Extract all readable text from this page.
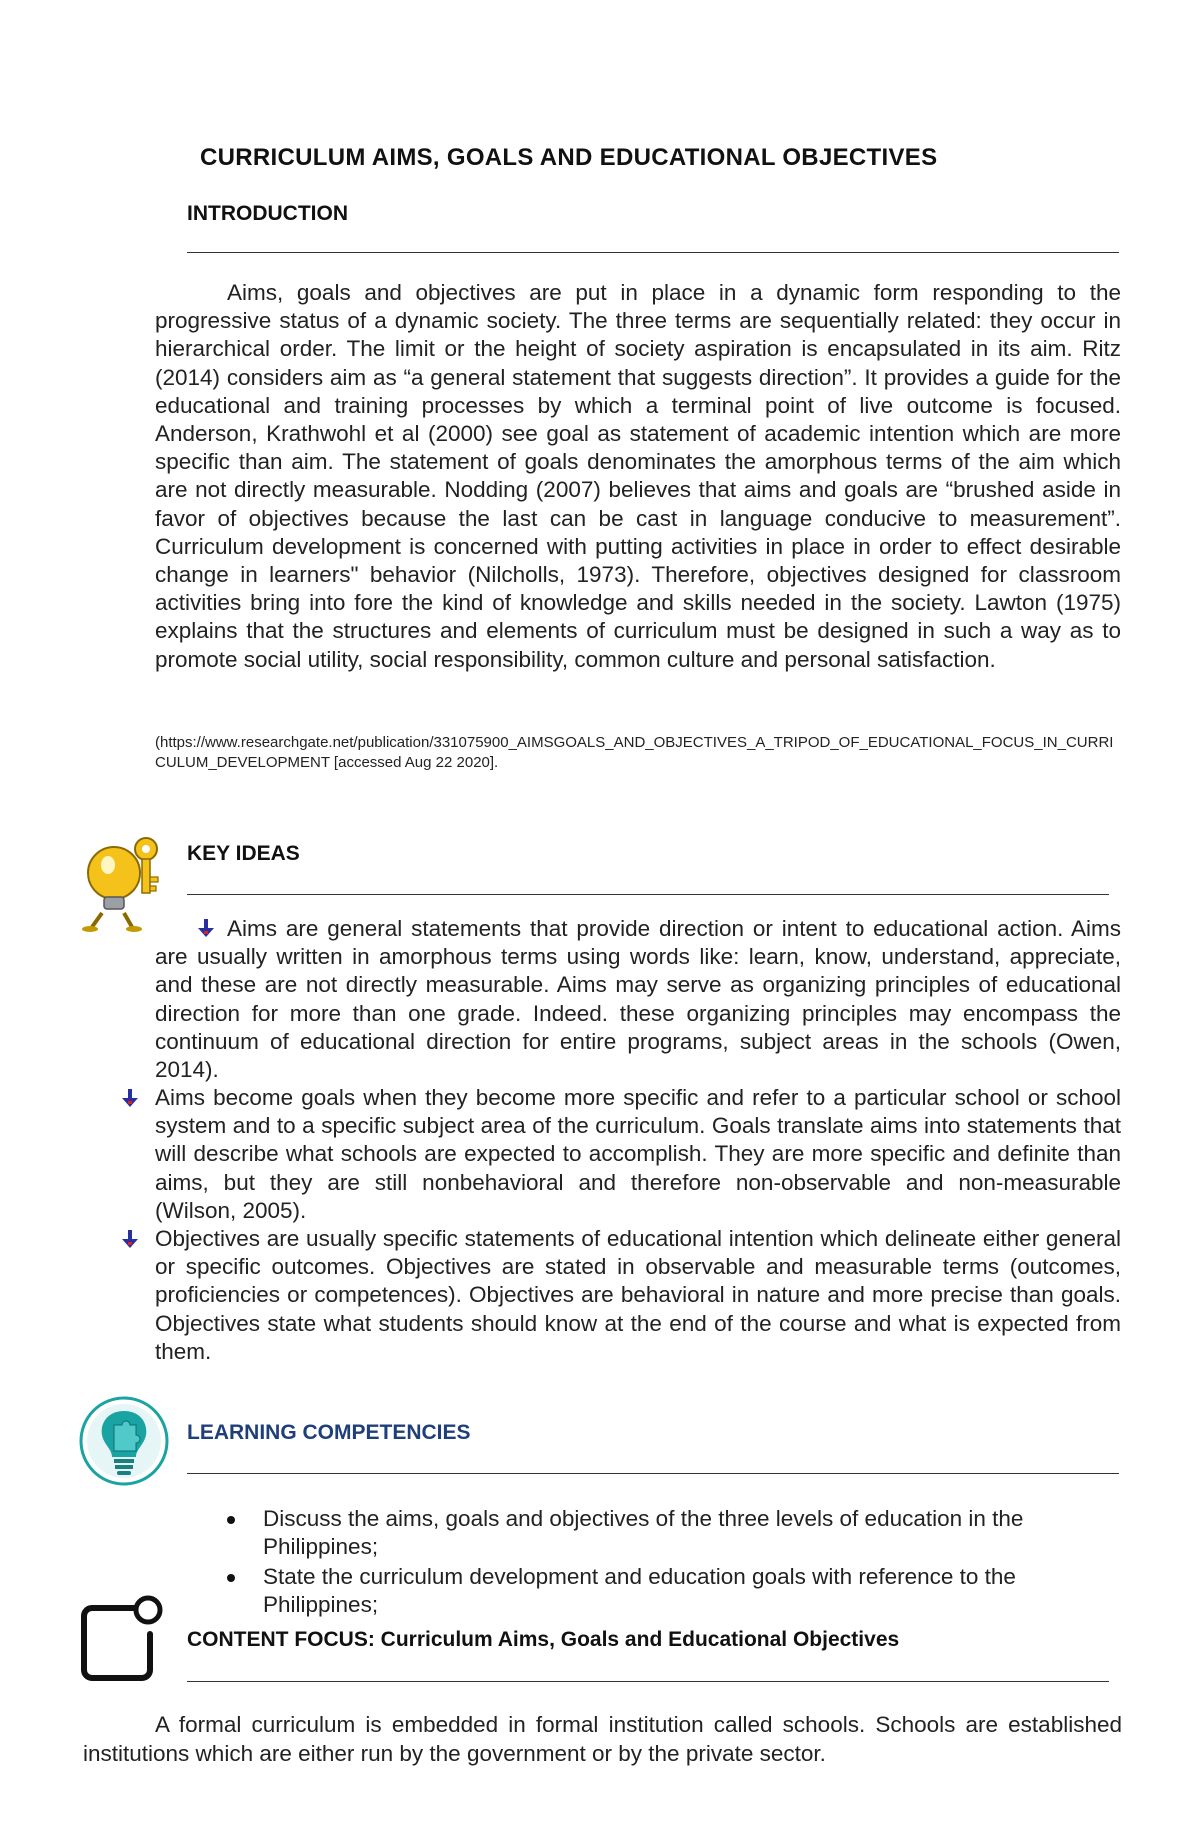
CURRICULUM AIMS, GOALS AND EDUCATIONAL OBJECTIVES
INTRODUCTION
Aims, goals and objectives are put in place in a dynamic form responding to the progressive status of a dynamic society. The three terms are sequentially related: they occur in hierarchical order. The limit or the height of society aspiration is encapsulated in its aim. Ritz (2014) considers aim as “a general statement that suggests direction”. It provides a guide for the educational and training processes by which a terminal point of live outcome is focused. Anderson, Krathwohl et al (2000) see goal as statement of academic intention which are more specific than aim. The statement of goals denominates the amorphous terms of the aim which are not directly measurable. Nodding (2007) believes that aims and goals are “brushed aside in favor of objectives because the last can be cast in language conducive to measurement”. Curriculum development is concerned with putting activities in place in order to effect desirable change in learners" behavior (Nilcholls, 1973). Therefore, objectives designed for classroom activities bring into fore the kind of knowledge and skills needed in the society. Lawton (1975) explains that the structures and elements of curriculum must be designed in such a way as to promote social utility, social responsibility, common culture and personal satisfaction.
(https://www.researchgate.net/publication/331075900_AIMSGOALS_AND_OBJECTIVES_A_TRIPOD_OF_EDUCATIONAL_FOCUS_IN_CURRICULUM_DEVELOPMENT [accessed Aug 22 2020].
KEY IDEAS
Aims are general statements that provide direction or intent to educational action. Aims are usually written in amorphous terms using words like: learn, know, understand, appreciate, and these are not directly measurable. Aims may serve as organizing principles of educational direction for more than one grade. Indeed. these organizing principles may encompass the continuum of educational direction for entire programs, subject areas in the schools (Owen, 2014).
Aims become goals when they become more specific and refer to a particular school or school system and to a specific subject area of the curriculum. Goals translate aims into statements that will describe what schools are expected to accomplish. They are more specific and definite than aims, but they are still nonbehavioral and therefore non-observable and non-measurable (Wilson, 2005).
Objectives are usually specific statements of educational intention which delineate either general or specific outcomes. Objectives are stated in observable and measurable terms (outcomes, proficiencies or competences). Objectives are behavioral in nature and more precise than goals. Objectives state what students should know at the end of the course and what is expected from them.
LEARNING COMPETENCIES
Discuss the aims, goals and objectives of the three levels of education in the Philippines;
State the curriculum development and education goals with reference to the Philippines;
CONTENT FOCUS: Curriculum Aims, Goals and Educational Objectives
A formal curriculum is embedded in formal institution called schools. Schools are established institutions which are either run by the government or by the private sector.
